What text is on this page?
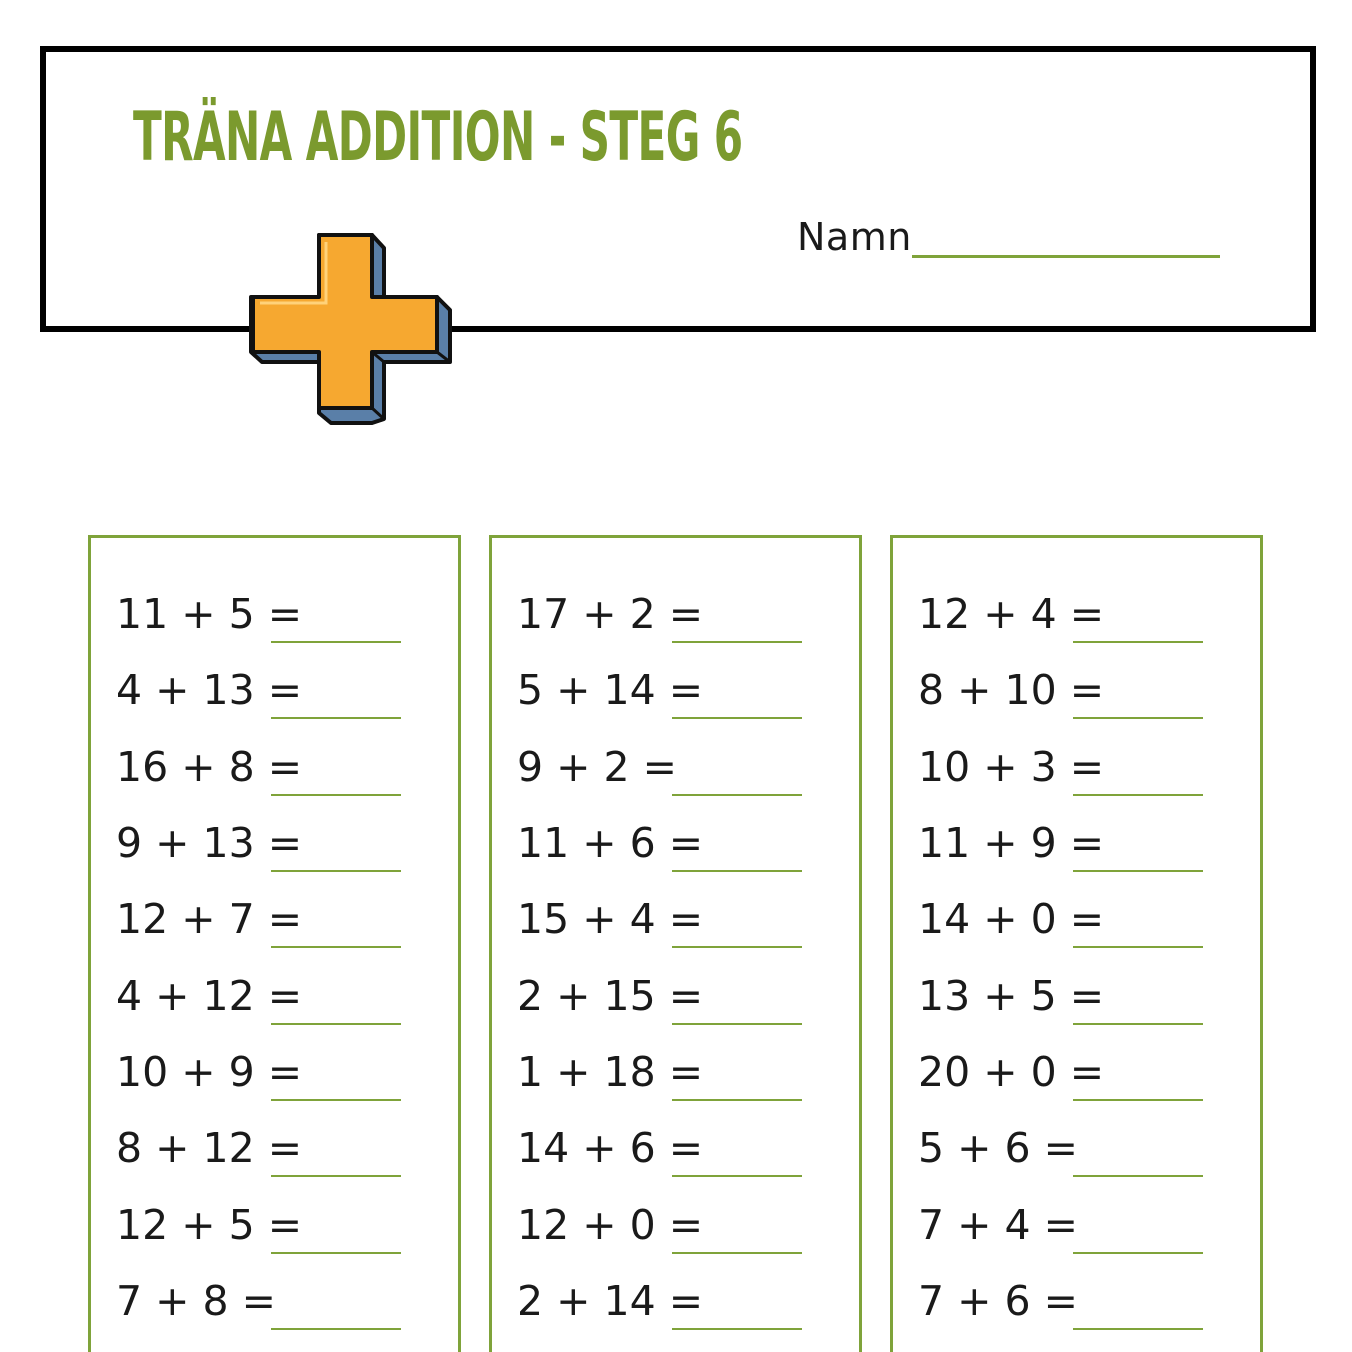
TRÄNA ADDITION - STEG 6
Namn
11 + 5 =
4 + 13 =
16 + 8 =
9 + 13 =
12 + 7 =
4 + 12 =
10 + 9 =
8 + 12 =
12 + 5 =
7 + 8 =
17 + 2 =
5 + 14 =
9 + 2 =
11 + 6 =
15 + 4 =
2 + 15 =
1 + 18 =
14 + 6 =
12 + 0 =
2 + 14 =
12 + 4 =
8 + 10 =
10 + 3 =
11 + 9 =
14 + 0 =
13 + 5 =
20 + 0 =
5 + 6 =
7 + 4 =
7 + 6 =
